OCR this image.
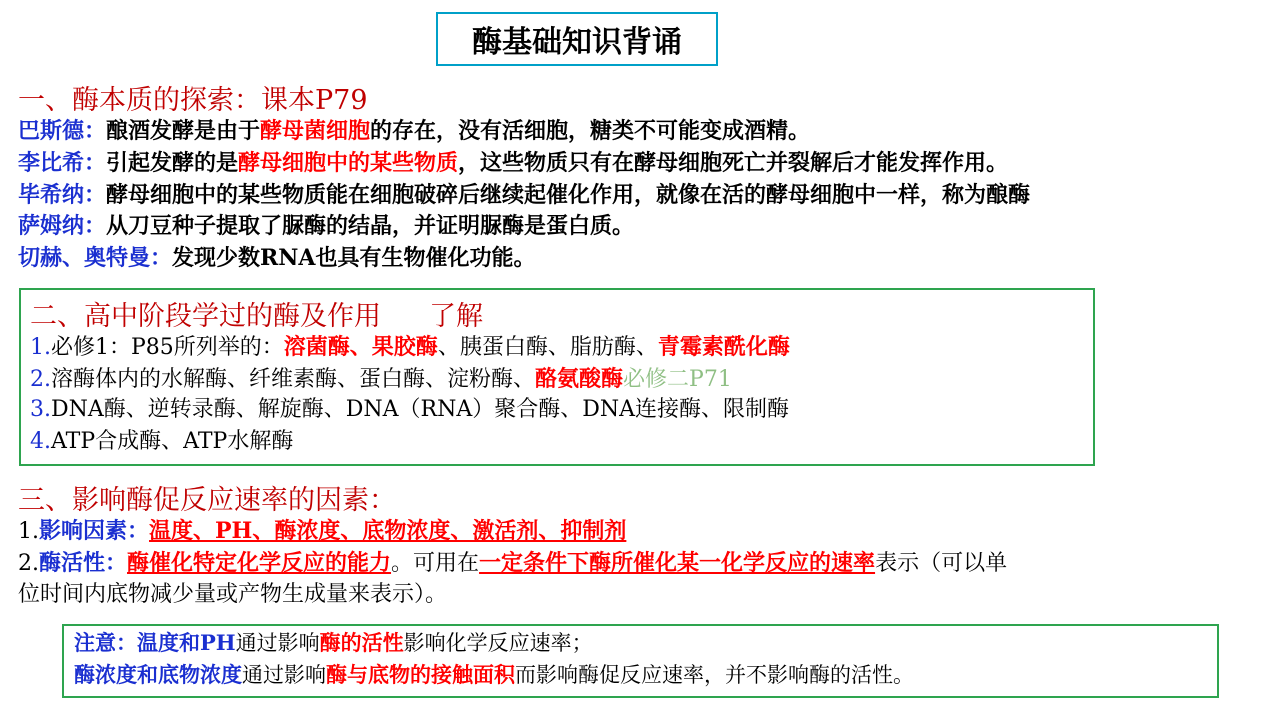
酶基础知识背诵
一、酶本质的探索：课本P79
巴斯德：酿酒发酵是由于酵母菌细胞的存在，没有活细胞，糖类不可能变成酒精。
李比希：引起发酵的是酵母细胞中的某些物质，这些物质只有在酵母细胞死亡并裂解后才能发挥作用。
毕希纳：酵母细胞中的某些物质能在细胞破碎后继续起催化作用，就像在活的酵母细胞中一样，称为酿酶
萨姆纳：从刀豆种子提取了脲酶的结晶，并证明脲酶是蛋白质。
切赫、奥特曼：发现少数RNA也具有生物催化功能。
二、高中阶段学过的酶及作用 了解
1.必修1：P85所列举的：溶菌酶、果胶酶、胰蛋白酶、脂肪酶、青霉素酰化酶
2.溶酶体内的水解酶、纤维素酶、蛋白酶、淀粉酶、酪氨酸酶必修二P71
3.DNA酶、逆转录酶、解旋酶、DNA（RNA）聚合酶、DNA连接酶、限制酶
4.ATP合成酶、ATP水解酶
三、影响酶促反应速率的因素：
1.影响因素：温度、PH、酶浓度、底物浓度、激活剂、抑制剂
2.酶活性：酶催化特定化学反应的能力。可用在一定条件下酶所催化某一化学反应的速率表示（可以单
位时间内底物减少量或产物生成量来表示）。
注意：温度和PH通过影响酶的活性影响化学反应速率；
酶浓度和底物浓度通过影响酶与底物的接触面积而影响酶促反应速率，并不影响酶的活性。
